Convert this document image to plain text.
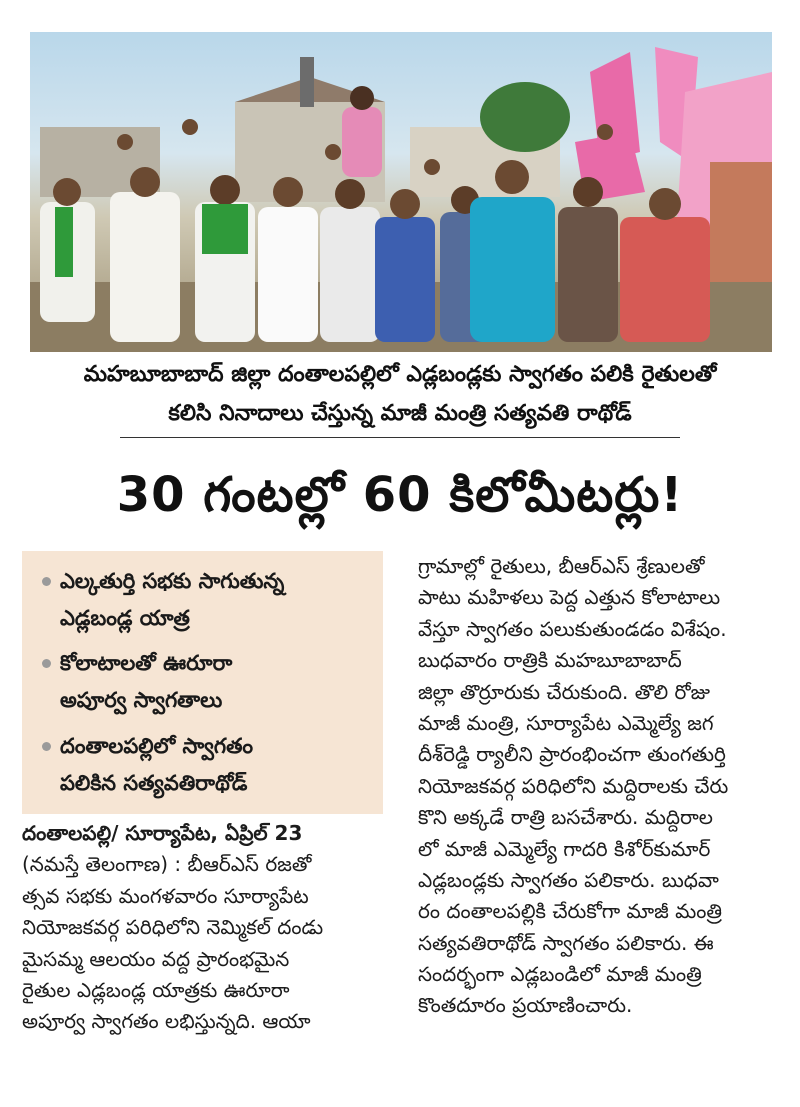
మహబూబాబాద్ జిల్లా దంతాలపల్లిలో ఎడ్లబండ్లకు స్వాగతం పలికి రైతులతో
కలిసి నినాదాలు చేస్తున్న మాజీ మంత్రి సత్యవతి రాథోడ్
30 గంటల్లో 60 కిలోమీటర్లు!
ఎల్కతుర్తి సభకు సాగుతున్న
ఎడ్లబండ్ల యాత్ర
కోలాటాలతో ఊరూరా
అపూర్వ స్వాగతాలు
దంతాలపల్లిలో స్వాగతం
పలికిన సత్యవతిరాథోడ్
దంతాలపల్లి/ సూర్యాపేట, ఏప్రిల్ 23
(నమస్తే తెలంగాణ) : బీఆర్ఎస్ రజతో
త్సవ సభకు మంగళవారం సూర్యాపేట
నియోజకవర్గ పరిధిలోని నెమ్మికల్ దండు
మైసమ్మ ఆలయం వద్ద ప్రారంభమైన
రైతుల ఎడ్లబండ్ల యాత్రకు ఊరూరా
అపూర్వ స్వాగతం లభిస్తున్నది. ఆయా
గ్రామాల్లో రైతులు, బీఆర్ఎస్ శ్రేణులతో
పాటు మహిళలు పెద్ద ఎత్తున కోలాటాలు
వేస్తూ స్వాగతం పలుకుతుండడం విశేషం.
బుధవారం రాత్రికి మహబూబాబాద్
జిల్లా తొర్రూరుకు చేరుకుంది. తొలి రోజు
మాజీ మంత్రి, సూర్యాపేట ఎమ్మెల్యే జగ
దీశ్‌రెడ్డి ర్యాలీని ప్రారంభించగా తుంగతుర్తి
నియోజకవర్గ పరిధిలోని మద్దిరాలకు చేరు
కొని అక్కడే రాత్రి బసచేశారు. మద్దిరాల
లో మాజీ ఎమ్మెల్యే గాదరి కిశోర్‌కుమార్
ఎడ్లబండ్లకు స్వాగతం పలికారు. బుధవా
రం దంతాలపల్లికి చేరుకోగా మాజీ మంత్రి
సత్యవతిరాథోడ్ స్వాగతం పలికారు. ఈ
సందర్భంగా ఎడ్లబండిలో మాజీ మంత్రి
కొంతదూరం ప్రయాణించారు.
